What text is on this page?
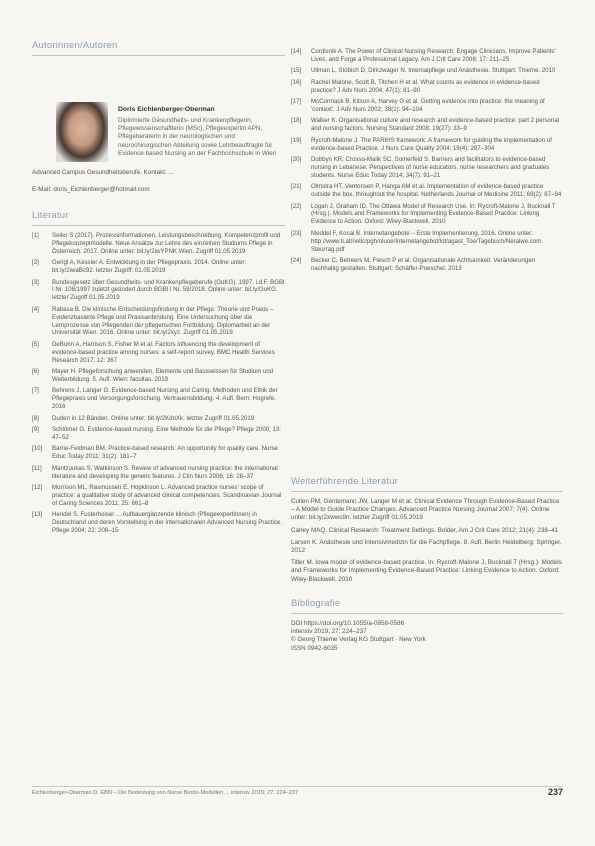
Autorinnen/Autoren
Doris Eichlenberger-Oberman
Diplomierte Gesundheits- und Krankenpflegerin, Pflegewissenschaftlerin (MSc), Pflegeexpertin APN, Pflegeberaterin in der neurologischen und neurochirurgischen Abteilung sowie Lehrbeauftragte für Evidence based Nursing an der Fachhochschule in Wien
Advanced Campus Gesundheitsberufe. Kontakt: ...
E-Mail: doris_Eichlenberger@hotmail.com
Literatur
[1] Seiler S (2017). Prozessinformationen, Leistungsbeschreibung, Kompetenzprofil und Pflegekonzeptmodelle. Neue Ansätze zur Lehre des einzelnen Studiums Pflege in Österreich. 2017. Online unter: bit.ly/2iwYPNK Wien, Zugriff 01.05.2019
[2] Gerigl A, Kessler A. Entwicklung in der Pflegepraxis. 2014. Online unter: bit.ly/2iwaBc92. letzter Zugriff: 01.05.2019
[3] Bundesgesetz über Gesundheits- und Krankenpflegeberufe (GuKG). 1997. i.d.F. BGBl I Nr. 108/1997 zuletzt geändert durch BGBl I Nr. 59/2018. Online unter: bit.ly/GuKG. letzter Zugriff 01.05.2019
[4] Rabasa B. Die klinische Entscheidungsfindung in der Pflege: Theorie und Praxis – Evidenzbasierte Pflege und Praxisanbindung. Eine Untersuchung über die Lernprozesse von Pflegenden der pflegerischen Fortbildung. Diplomarbeit an der Universität Wien. 2016. Online unter: bit.ly/2xyz. Zugriff 01.05.2019
[5] DeBurin A, Harrison S, Fisher M et al. Factors influencing the development of evidence-based practice among nurses: a self-report survey. BMC Health Services Research 2017; 12: 367
[6] Mayer H. Pflegeforschung anwenden. Elemente und Basiswissen für Studium und Weiterbildung. 5. Aufl. Wien: facultas. 2019
[7] Behrens J, Langer G. Evidence-based Nursing and Caring. Methoden und Ethik der Pflegepraxis und Versorgungsforschung. Vertrauensbildung. 4. Aufl. Bern: Hogrefe. 2016
[8] Duden in 12 Bänden. Online unter: bit.ly/2KdnXk. letzter Zugriff 01.05.2019
[9] Schlömer G. Evidence-based nursing. Eine Methode für die Pflege? Pflege 2000; 13: 47–52
[10] Barrie-Feldman BM. Practice-based research: An opportunity for quality care. Nurse Educ Today 2011; 31(2): 181–7
[11] Mantzoukas S, Watkinson S. Review of advanced nursing practice: the international literature and developing the generic features. J Clin Nurs 2006; 16: 28–37
[12] Morrison ML, Rasmussen E, Hopkinson L. Advanced practice nurses' scope of practice: a qualitative study of advanced clinical competencies. Scandinavian Journal of Caring Sciences 2011; 25: 661–8
[13] Hendel S, Fusterhoiser ... Aufbauergänzende klinisch (Pflegeexpertinnen) in Deutschland und deren Vorstellung in der internationalen Advanced Nursing Practice. Pflege 2004; 22: 208–15
[14] Cordisnik A. The Power of Clinical Nursing Research: Engage Clinicians, Improve Patients' Lives, and Forge a Professional Legacy. Am J Crit Care 2008; 17: 211–25
[15] Ullman L, Stöbich D, Dirkzwager N. Internalpflege und Anästhesie. Stuttgart: Thieme. 2010
[16] Rachel Malone, Scott B, Titchen H et al. What counts as evidence in evidence-based practice? J Adv Nurs 2004; 47(1): 81–90
[17] McCormack B, Kitson A, Harvey G et al. Getting evidence into practice: the meaning of 'context'. J Adv Nurs 2002; 38(1): 94–104
[18] Walker K. Organisational culture and research and evidence-based practice: part 2 personal and nursing factors. Nursing Standard 2008; 19(27): 33–9
[19] Rycroft-Malone J. The PARIHS framework: A framework for guiding the implementation of evidence-based Practice. J Nurs Care Quality 2004; 19(4): 297–304
[20] Dobbyn KR, Crosso-Malik SC, Somerfeld S. Barriers and facilitators to evidence-based nursing in Lebanese: Perspectives of nurse educators, nurse researchers and graduates students. Nurse Educ Today 2014; 34(7): 91–21
[21] Olmstra HT, Ventonsen P, Hanga AM et al. Implementation of evidence-based practice outside the box, throughout the hospital. Netherlands Journal of Medicine 2011; 69(2): 87–94
[22] Logan J, Graham ID. The Ottawa Model of Research Use. In: Rycroft-Malone J, Bucknall T (Hrsg.). Models and Frameworks for Implementing Evidence-Based Practice: Linking Evidence to Action. Oxford: Wiley-Blackwell. 2010
[23] Meddel F, Kocal B. Internetangebote – Erste Implementierung. 2016. Online unter: http://www.ti.at/netic/pgh/oluoe/Internetangebot/lot/agast_Toe/Tagebuch/Neralwe.com. Steurrag.pdf
[24] Becker C, Betreers M, Flesch P et al. Organisationale Achtsamkeit. Veränderungen nachhaltig gestalten. Stuttgart: Schäffer-Poeschel. 2013
Weiterführende Literatur
Cullen PM, Gentemann JW, Langer M et al. Clinical Evidence Through Evidence-Based Practice – A Model to Guide Practice Changes. Advanced Practice Nursing Journal 2007; 7(4). Online unter: bit.ly/2xwws9n. letzter Zugriff 01.05.2019
Carley MAQ. Clinical Research: Treatment Settings. Bolder, Am J Crit Care 2012; 21(4): 238–41
Larsen K. Anästhesie und Intensivmedizin für die Fachpflege. 8. Aufl. Berlin Heidelberg: Springer. 2012
Titler M. Iowa model of evidence-based practice. In: Rycroft-Malone J, Bucknall T (Hrsg.). Models and Frameworks for Implementing Evidence-Based Practice: Linking Evidence to Action. Oxford: Wiley-Blackwell. 2010
Bibliografie
DOI https://doi.org/10.1055/a-0958-0586
intensiv 2019; 27: 224–237
© Georg Thieme Verlag KG Stuttgart · New York
ISSN 0942-6035
Eichlenberger-Oberman D. EBN – Die Bedeutung von Nurse Berdo-Modellen ... intensiv 2019; 27: 224–237	237
